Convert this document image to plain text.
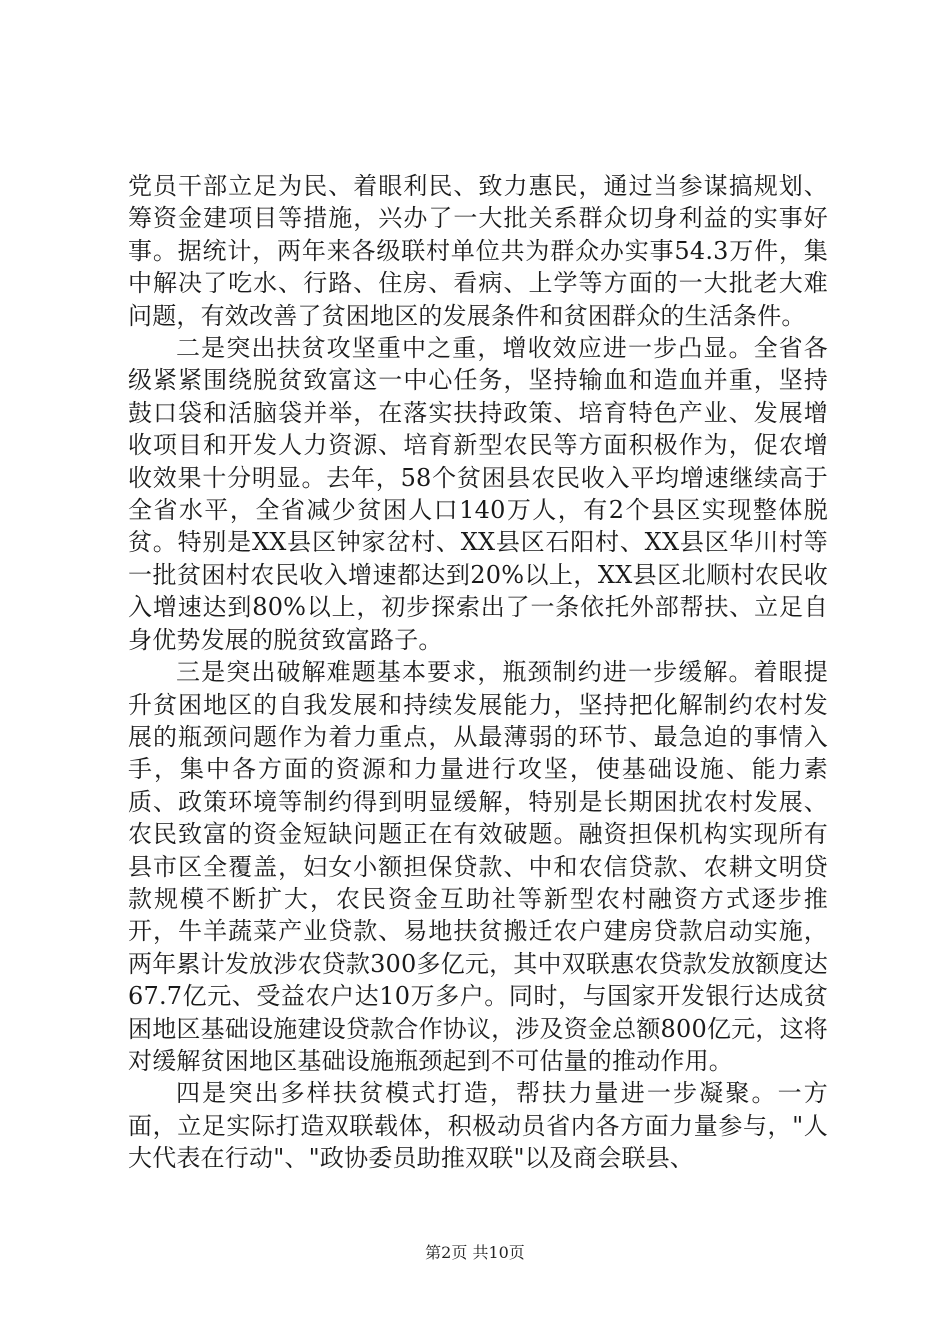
党员干部立足为民、着眼利民、致力惠民，通过当参谋搞规划、筹资金建项目等措施，兴办了一大批关系群众切身利益的实事好事。据统计，两年来各级联村单位共为群众办实事54.3万件，集中解决了吃水、行路、住房、看病、上学等方面的一大批老大难问题，有效改善了贫困地区的发展条件和贫困群众的生活条件。

二是突出扶贫攻坚重中之重，增收效应进一步凸显。全省各级紧紧围绕脱贫致富这一中心任务，坚持输血和造血并重，坚持鼓口袋和活脑袋并举，在落实扶持政策、培育特色产业、发展增收项目和开发人力资源、培育新型农民等方面积极作为，促农增收效果十分明显。去年，58个贫困县农民收入平均增速继续高于全省水平，全省减少贫困人口140万人，有2个县区实现整体脱贫。特别是XX县区钟家岔村、XX县区石阳村、XX县区华川村等一批贫困村农民收入增速都达到20%以上，XX县区北顺村农民收入增速达到80%以上，初步探索出了一条依托外部帮扶、立足自身优势发展的脱贫致富路子。

三是突出破解难题基本要求，瓶颈制约进一步缓解。着眼提升贫困地区的自我发展和持续发展能力，坚持把化解制约农村发展的瓶颈问题作为着力重点，从最薄弱的环节、最急迫的事情入手，集中各方面的资源和力量进行攻坚，使基础设施、能力素质、政策环境等制约得到明显缓解，特别是长期困扰农村发展、农民致富的资金短缺问题正在有效破题。融资担保机构实现所有县市区全覆盖，妇女小额担保贷款、中和农信贷款、农耕文明贷款规模不断扩大，农民资金互助社等新型农村融资方式逐步推开，牛羊蔬菜产业贷款、易地扶贫搬迁农户建房贷款启动实施，两年累计发放涉农贷款300多亿元，其中双联惠农贷款发放额度达67.7亿元、受益农户达10万多户。同时，与国家开发银行达成贫困地区基础设施建设贷款合作协议，涉及资金总额800亿元，这将对缓解贫困地区基础设施瓶颈起到不可估量的推动作用。

四是突出多样扶贫模式打造，帮扶力量进一步凝聚。一方面，立足实际打造双联载体，积极动员省内各方面力量参与，"人大代表在行动"、"政协委员助推双联"以及商会联县、

第2页 共10页
